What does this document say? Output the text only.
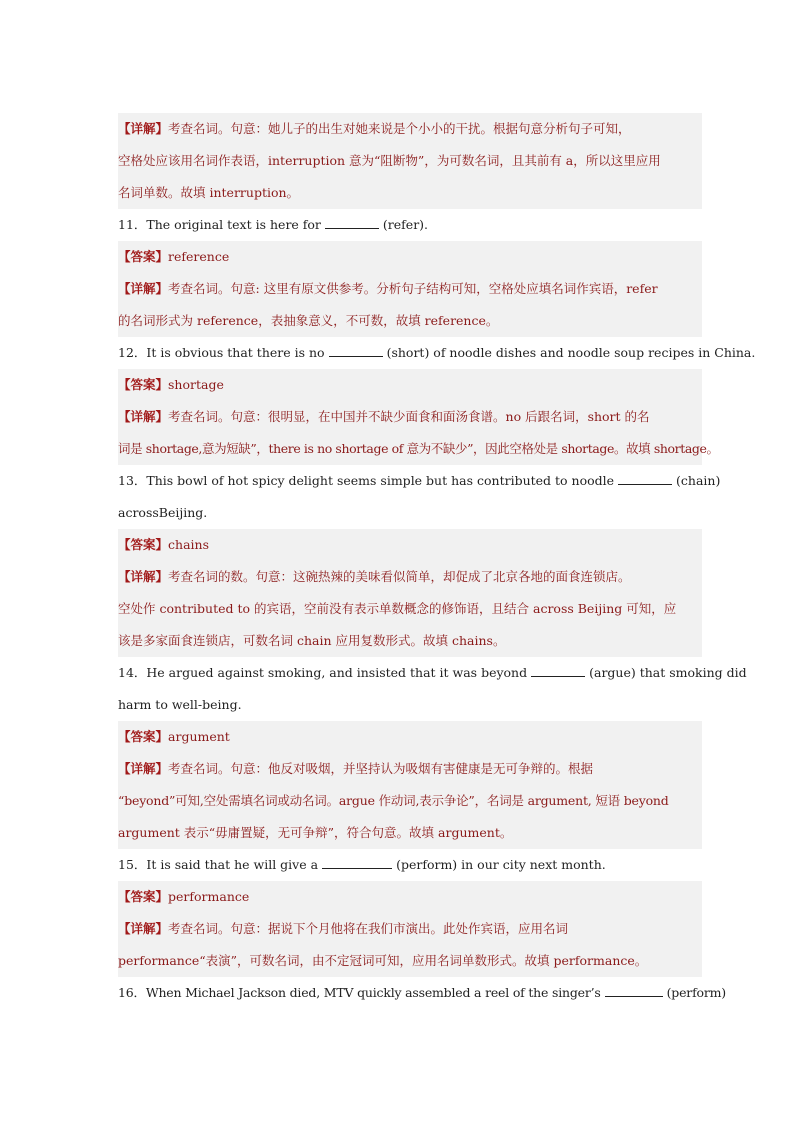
【详解】考查名词。句意：她儿子的出生对她来说是个小小的干扰。根据句意分析句子可知，
空格处应该用名词作表语，interruption 意为“阻断物”，为可数名词，且其前有 a，所以这里应用
名词单数。故填 interruption。
11．The original text is here for	(refer).
【答案】reference
【详解】考查名词。句意: 这里有原文供参考。分析句子结构可知，空格处应填名词作宾语，refer
的名词形式为 reference，表抽象意义，不可数，故填 reference。
12．It is obvious that there is no	(short) of noodle dishes and noodle soup recipes in China.
【答案】shortage
【详解】考查名词。句意：很明显，在中国并不缺少面食和面汤食谱。no 后跟名词，short 的名
词是 shortage,意为短缺”，there is no shortage of 意为不缺少”，因此空格处是 shortage。故填 shortage。
13．This bowl of hot spicy delight seems simple but has contributed to noodle	(chain)
acrossBeijing.
【答案】chains
【详解】考查名词的数。句意：这碗热辣的美味看似简单，却促成了北京各地的面食连锁店。
空处作 contributed to 的宾语，空前没有表示单数概念的修饰语，且结合 across Beijing 可知，应
该是多家面食连锁店，可数名词 chain 应用复数形式。故填 chains。
14．He argued against smoking, and insisted that it was beyond	(argue) that smoking did
harm to well-being.
【答案】argument
【详解】考查名词。句意：他反对吸烟，并坚持认为吸烟有害健康是无可争辩的。根据
“beyond”可知,空处需填名词或动名词。argue 作动词,表示争论”，名词是 argument, 短语 beyond
argument 表示“毋庸置疑，无可争辩”，符合句意。故填 argument。
15．It is said that he will give a	(perform) in our city next month.
【答案】performance
【详解】考查名词。句意：据说下个月他将在我们市演出。此处作宾语，应用名词
performance“表演”，可数名词，由不定冠词可知，应用名词单数形式。故填 performance。
16．When Michael Jackson died, MTV quickly assembled a reel of the singer’s	(perform)
